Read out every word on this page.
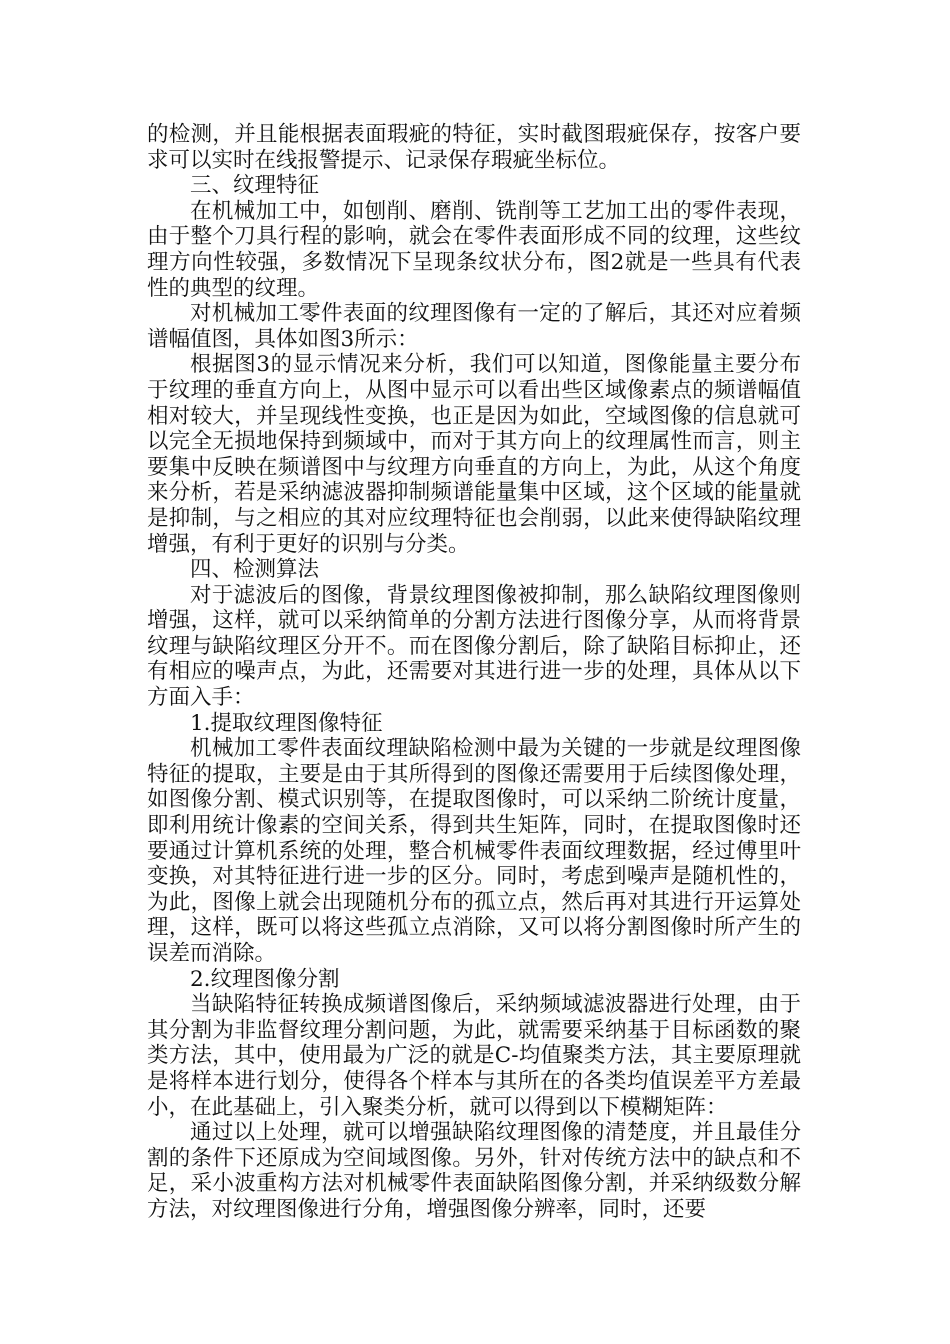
的检测，并且能根据表面瑕疵的特征，实时截图瑕疵保存，按客户要求可以实时在线报警提示、记录保存瑕疵坐标位。

三、纹理特征

在机械加工中，如刨削、磨削、铣削等工艺加工出的零件表现，由于整个刀具行程的影响，就会在零件表面形成不同的纹理，这些纹理方向性较强，多数情况下呈现条纹状分布，图2就是一些具有代表性的典型的纹理。

对机械加工零件表面的纹理图像有一定的了解后，其还对应着频谱幅值图，具体如图3所示：

根据图3的显示情况来分析，我们可以知道，图像能量主要分布于纹理的垂直方向上，从图中显示可以看出些区域像素点的频谱幅值相对较大，并呈现线性变换，也正是因为如此，空域图像的信息就可以完全无损地保持到频域中，而对于其方向上的纹理属性而言，则主要集中反映在频谱图中与纹理方向垂直的方向上，为此，从这个角度来分析，若是采纳滤波器抑制频谱能量集中区域，这个区域的能量就是抑制，与之相应的其对应纹理特征也会削弱，以此来使得缺陷纹理增强，有利于更好的识别与分类。

四、检测算法

对于滤波后的图像，背景纹理图像被抑制，那么缺陷纹理图像则增强，这样，就可以采纳简单的分割方法进行图像分享，从而将背景纹理与缺陷纹理区分开不。而在图像分割后，除了缺陷目标抑止，还有相应的噪声点，为此，还需要对其进行进一步的处理，具体从以下方面入手：

1.提取纹理图像特征

机械加工零件表面纹理缺陷检测中最为关键的一步就是纹理图像特征的提取，主要是由于其所得到的图像还需要用于后续图像处理，如图像分割、模式识别等，在提取图像时，可以采纳二阶统计度量，即利用统计像素的空间关系，得到共生矩阵，同时，在提取图像时还要通过计算机系统的处理，整合机械零件表面纹理数据，经过傅里叶变换，对其特征进行进一步的区分。同时，考虑到噪声是随机性的，为此，图像上就会出现随机分布的孤立点，然后再对其进行开运算处理，这样，既可以将这些孤立点消除，又可以将分割图像时所产生的误差而消除。

2.纹理图像分割

当缺陷特征转换成频谱图像后，采纳频域滤波器进行处理，由于其分割为非监督纹理分割问题，为此，就需要采纳基于目标函数的聚类方法，其中，使用最为广泛的就是C-均值聚类方法，其主要原理就是将样本进行划分，使得各个样本与其所在的各类均值误差平方差最小，在此基础上，引入聚类分析，就可以得到以下模糊矩阵：

通过以上处理，就可以增强缺陷纹理图像的清楚度，并且最佳分割的条件下还原成为空间域图像。另外，针对传统方法中的缺点和不足，采小波重构方法对机械零件表面缺陷图像分割，并采纳级数分解方法，对纹理图像进行分角，增强图像分辨率，同时，还要
